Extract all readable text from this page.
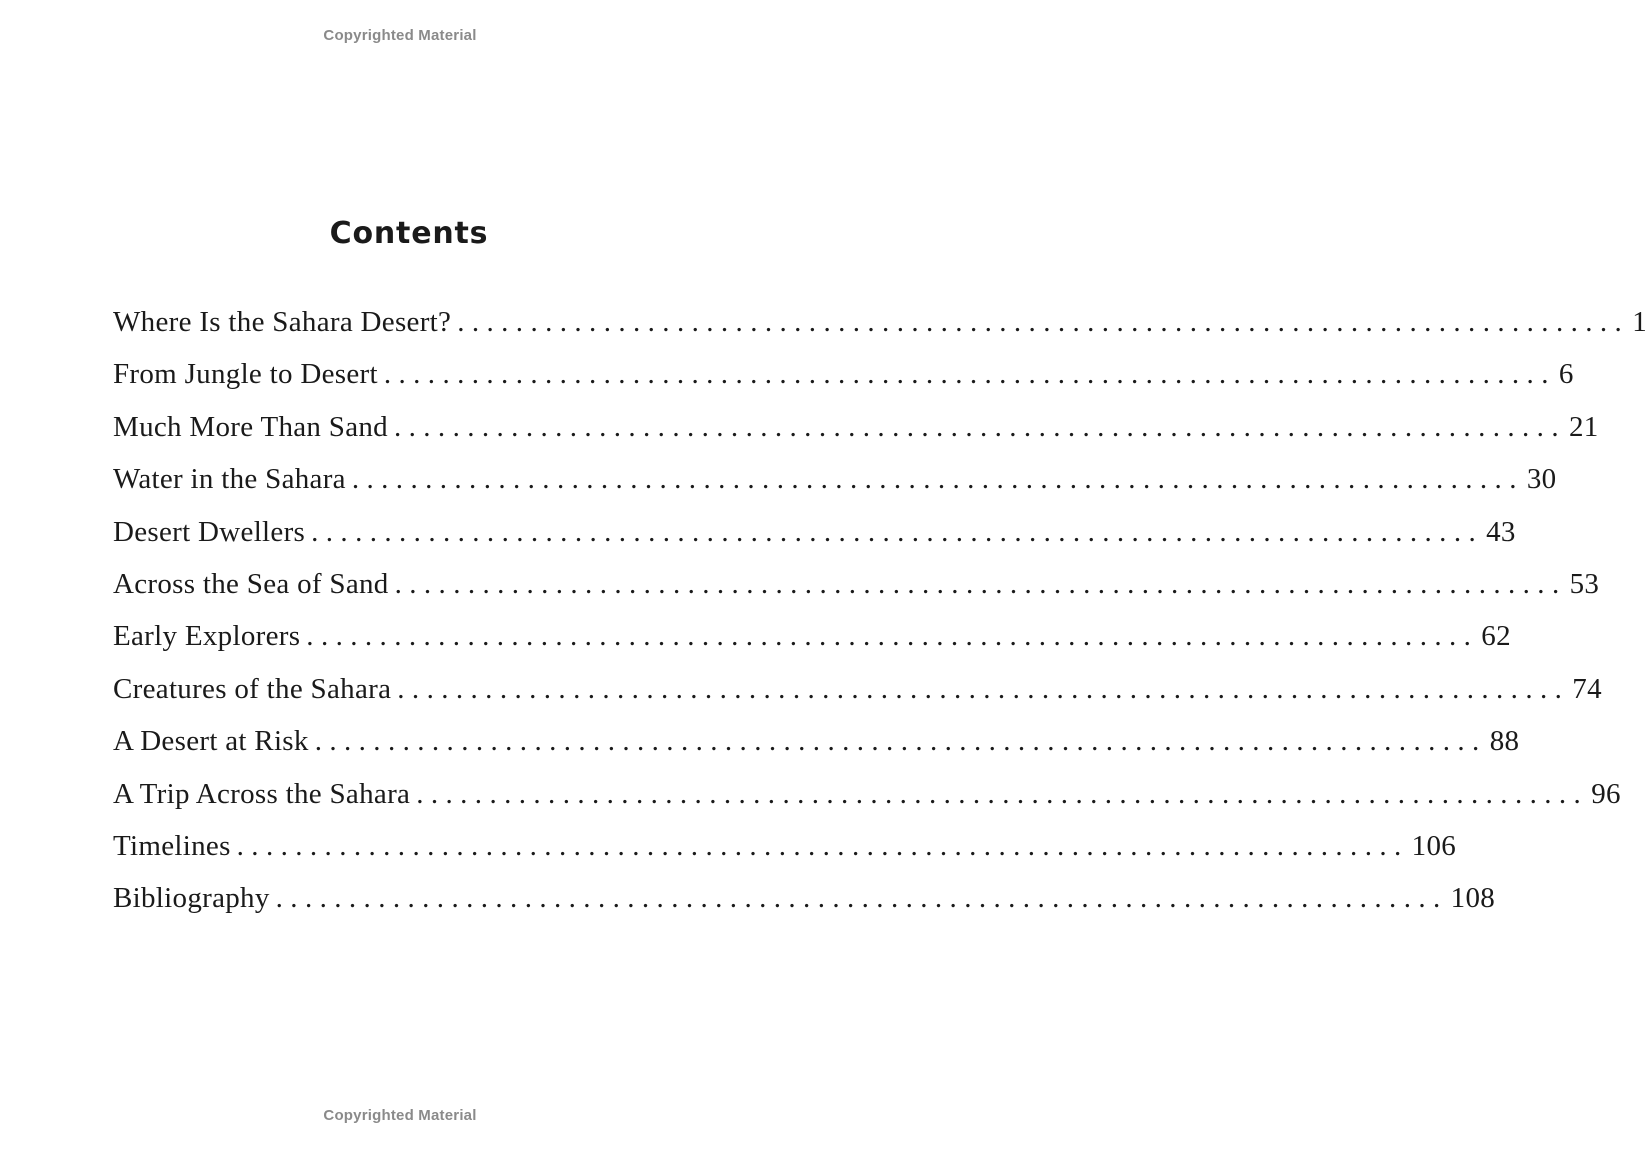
Copyrighted Material
Contents
Where Is the Sahara Desert? ................................................................................ 1
From Jungle to Desert ................................................................................ 6
Much More Than Sand ................................................................................ 21
Water in the Sahara ................................................................................ 30
Desert Dwellers ................................................................................ 43
Across the Sea of Sand ................................................................................ 53
Early Explorers ................................................................................ 62
Creatures of the Sahara ................................................................................ 74
A Desert at Risk ................................................................................ 88
A Trip Across the Sahara ................................................................................ 96
Timelines ................................................................................ 106
Bibliography ................................................................................ 108
Copyrighted Material
